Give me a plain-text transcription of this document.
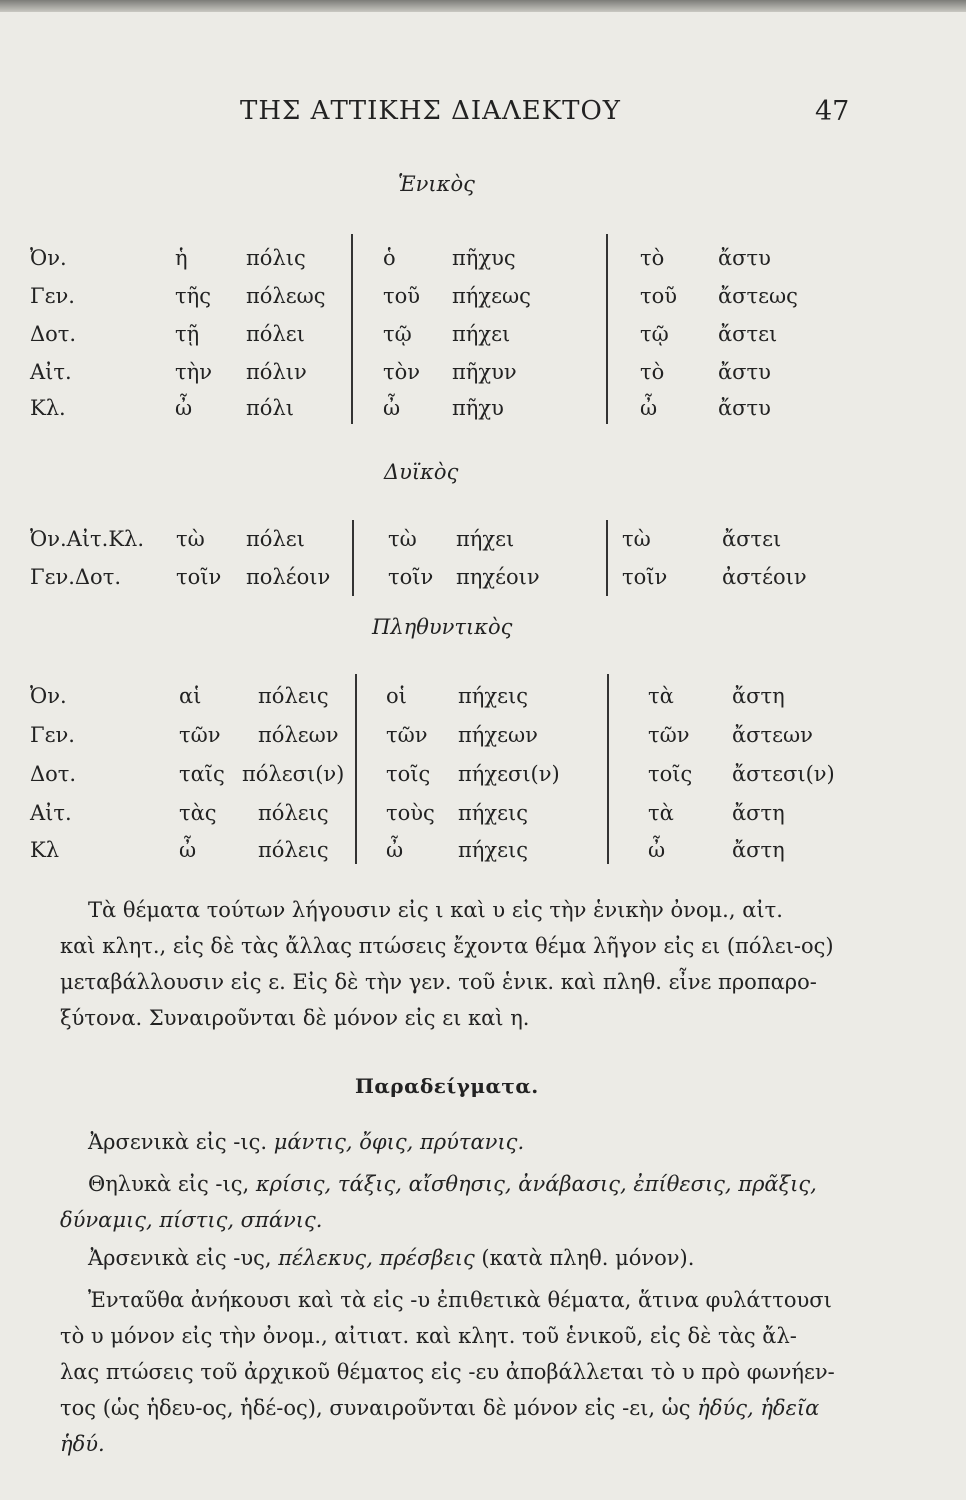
ΤΗΣ ΑΤΤΙΚΗΣ ΔΙΑΛΕΚΤΟΥ	47
Ἑνικὸς
Ὀν.	ἡ	πόλις	ὁ	πῆχυς	τὸ	ἄστυ
Γεν.	τῆς πόλεως	τοῦ πήχεως	τοῦ ἄστεως
Δοτ.	τῇ πόλει	τῷ πήχει	τῷ ἄστει
Αἰτ.	τὴν πόλιν	τὸν πῆχυν	τὸ	ἄστυ
Κλ.	ὦ	πόλι	ὦ πῆχυ	ὦ	ἄστυ
Δυϊκὸς
Ὀν.Αἰτ.Κλ. τὼ πόλει	τὼ πήχει	τὼ	ἄστει
Γεν.Δοτ.	τοῖν πολέοιν	τοῖν πηχέοιν	τοῖν	ἀστέοιν
Πληθυντικὸς
Ὀν.	αἱ	πόλεις	οἱ πήχεις	τὰ	ἄστη
Γεν.	τῶν πόλεων τῶν πήχεων	τῶν ἄστεων
Δοτ.	ταῖς πόλεσι(ν) τοῖς πήχεσι(ν)	τοῖς ἄστεσι(ν)
Αἰτ.	τὰς πόλεις	τοὺς πήχεις	τὰ	ἄστη
Κλ	ὦ	πόλεις	ὦ	πήχεις	ὦ	ἄστη
Τὰ θέματα τούτων λήγουσιν εἰς ι καὶ υ εἰς τὴν ἑνικὴν ὀνομ., αἰτ.
καὶ κλητ., εἰς δὲ τὰς ἄλλας πτώσεις ἔχοντα θέμα λῆγον εἰς ει (πόλει-ος)
μεταβάλλουσιν εἰς ε. Εἰς δὲ τὴν γεν. τοῦ ἑνικ. καὶ πληθ. εἶνε προπαρο-
ξύτονα. Συναιροῦνται δὲ μόνον εἰς ει καὶ η.
Παραδείγματα.
Ἀρσενικὰ εἰς -ις. μάντις, ὄφις, πρύτανις.
Θηλυκὰ εἰς -ις, κρίσις, τάξις, αἴσθησις, ἀνάβασις, ἐπίθεσις, πρᾶξις,
δύναμις, πίστις, σπάνις.
Ἀρσενικὰ εἰς -υς, πέλεκυς, πρέσβεις (κατὰ πληθ. μόνον).
Ἐνταῦθα ἀνήκουσι καὶ τὰ εἰς -υ ἐπιθετικὰ θέματα, ἅτινα φυλάττουσι
τὸ υ μόνον εἰς τὴν ὀνομ., αἰτιατ. καὶ κλητ. τοῦ ἑνικοῦ, εἰς δὲ τὰς ἄλ-
λας πτώσεις τοῦ ἀρχικοῦ θέματος εἰς -ευ ἀποβάλλεται τὸ υ πρὸ φωνήεν-
τος (ὡς ἡδευ-ος, ἡδέ-ος), συναιροῦνται δὲ μόνον εἰς -ει, ὡς ἡδύς, ἡδεῖα
ἡδύ.
